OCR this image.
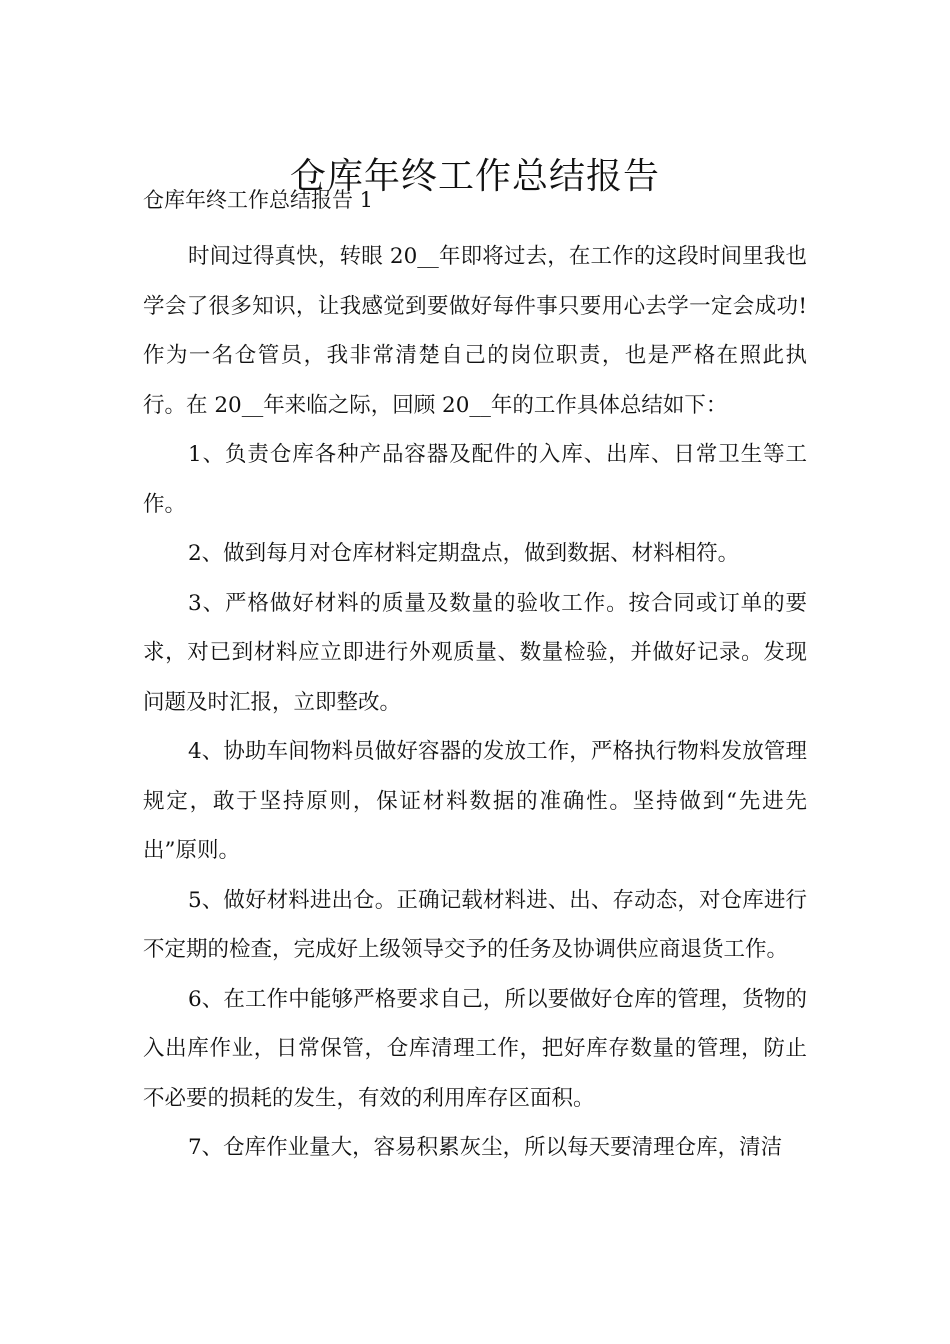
仓库年终工作总结报告
仓库年终工作总结报告 1

时间过得真快，转眼 20__年即将过去，在工作的这段时间里我也学会了很多知识，让我感觉到要做好每件事只要用心去学一定会成功!作为一名仓管员，我非常清楚自己的岗位职责，也是严格在照此执行。在 20__年来临之际，回顾 20__年的工作具体总结如下：

1、负责仓库各种产品容器及配件的入库、出库、日常卫生等工作。

2、做到每月对仓库材料定期盘点，做到数据、材料相符。

3、严格做好材料的质量及数量的验收工作。按合同或订单的要求，对已到材料应立即进行外观质量、数量检验，并做好记录。发现问题及时汇报，立即整改。

4、协助车间物料员做好容器的发放工作，严格执行物料发放管理规定，敢于坚持原则，保证材料数据的准确性。坚持做到“先进先出”原则。

5、做好材料进出仓。正确记载材料进、出、存动态，对仓库进行不定期的检查，完成好上级领导交予的任务及协调供应商退货工作。

6、在工作中能够严格要求自己，所以要做好仓库的管理，货物的入出库作业，日常保管，仓库清理工作，把好库存数量的管理，防止不必要的损耗的发生，有效的利用库存区面积。

7、仓库作业量大，容易积累灰尘，所以每天要清理仓库，清洁
